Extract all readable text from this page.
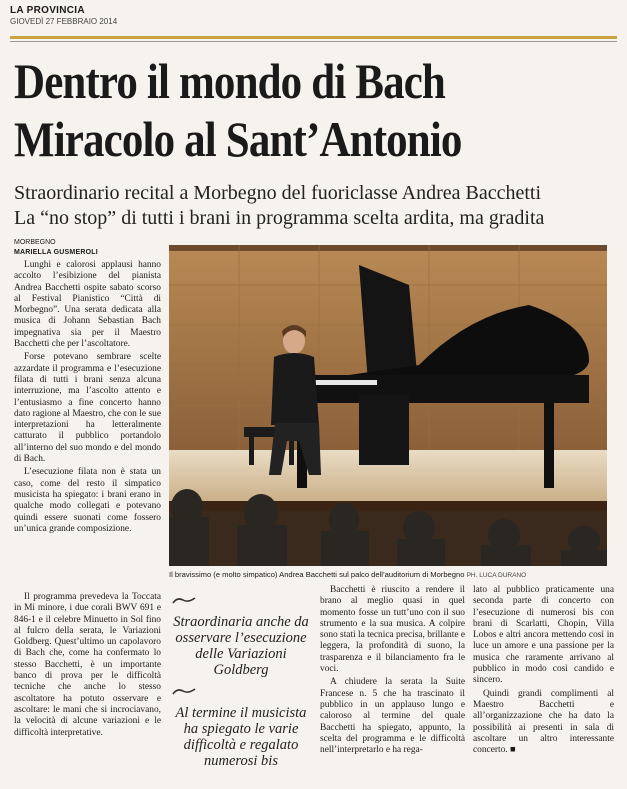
LA PROVINCIA
GIOVEDÌ 27 FEBBRAIO 2014
Dentro il mondo di Bach
Miracolo al Sant’Antonio
Straordinario recital a Morbegno del fuoriclasse Andrea Bacchetti
La “no stop” di tutti i brani in programma scelta ardita, ma gradita
MORBEGNO
MARIELLA GUSMEROLI

Lunghi e calorosi applausi hanno accolto l’esibizione del pianista Andrea Bacchetti ospite sabato scorso al Festival Pianistico “Città di Morbegno”. Una serata dedicata alla musica di Johann Sebastian Bach impegnativa sia per il Maestro Bacchetti che per l’ascoltatore.

Forse potevano sembrare scelte azzardate il programma e l’esecuzione filata di tutti i brani senza alcuna interruzione, ma l’ascolto attento e l’entusiasmo a fine concerto hanno dato ragione al Maestro, che con le sue interpretazioni ha letteralmente catturato il pubblico portandolo all’interno del suo mondo e del mondo di Bach.

L’esecuzione filata non è stata un caso, come del resto il simpatico musicista ha spiegato: i brani erano in qualche modo collegati e potevano quindi essere suonati come fossero un’unica grande composizione.

Il programma prevedeva la Toccata in Mi minore, i due corali BWV 691 e 846-1 e il celebre Minuetto in Sol fino al fulcro della serata, le Variazioni Goldberg. Quest’ultimo un capolavoro di Bach che, come ha confermato lo stesso Bacchetti, è un importante banco di prova per le difficoltà tecniche che anche lo stesso ascoltatore ha potuto osservare e ascoltare: le mani che si incrociavano, la velocità di alcune variazioni e le difficoltà interpretative.

Il bravissimo (e molto simpatico) Andrea Bacchetti sul palco dell’auditorium di Morbegno PH. LUCA DURANO
Straordinaria anche da osservare l’esecuzione delle Variazioni Goldberg
Al termine il musicista ha spiegato le varie difficoltà e regalato numerosi bis

Bacchetti è riuscito a rendere il brano al meglio quasi in quel momento fosse un tutt’uno con il suo strumento e la sua musica. A colpire sono stati la tecnica precisa, brillante e leggera, la profondità di suono, la trasparenza e il bilanciamento fra le voci.

A chiudere la serata la Suite Francese n. 5 che ha trascinato il pubblico in un applauso lungo e caloroso al termine del quale Bacchetti ha spiegato, appunto, la scelta del programma e le difficoltà nell’interpretarlo e ha rega-

lato al pubblico praticamente una seconda parte di concerto con l’esecuzione di numerosi bis con brani di Scarlatti, Chopin, Villa Lobos e altri ancora mettendo così in luce un amore e una passione per la musica che raramente arrivano al pubblico in modo così candido e sincero.

Quindi grandi complimenti al Maestro Bacchetti e all’organizzazione che ha dato la possibilità ai presenti in sala di ascoltare un altro interessante concerto. ■
